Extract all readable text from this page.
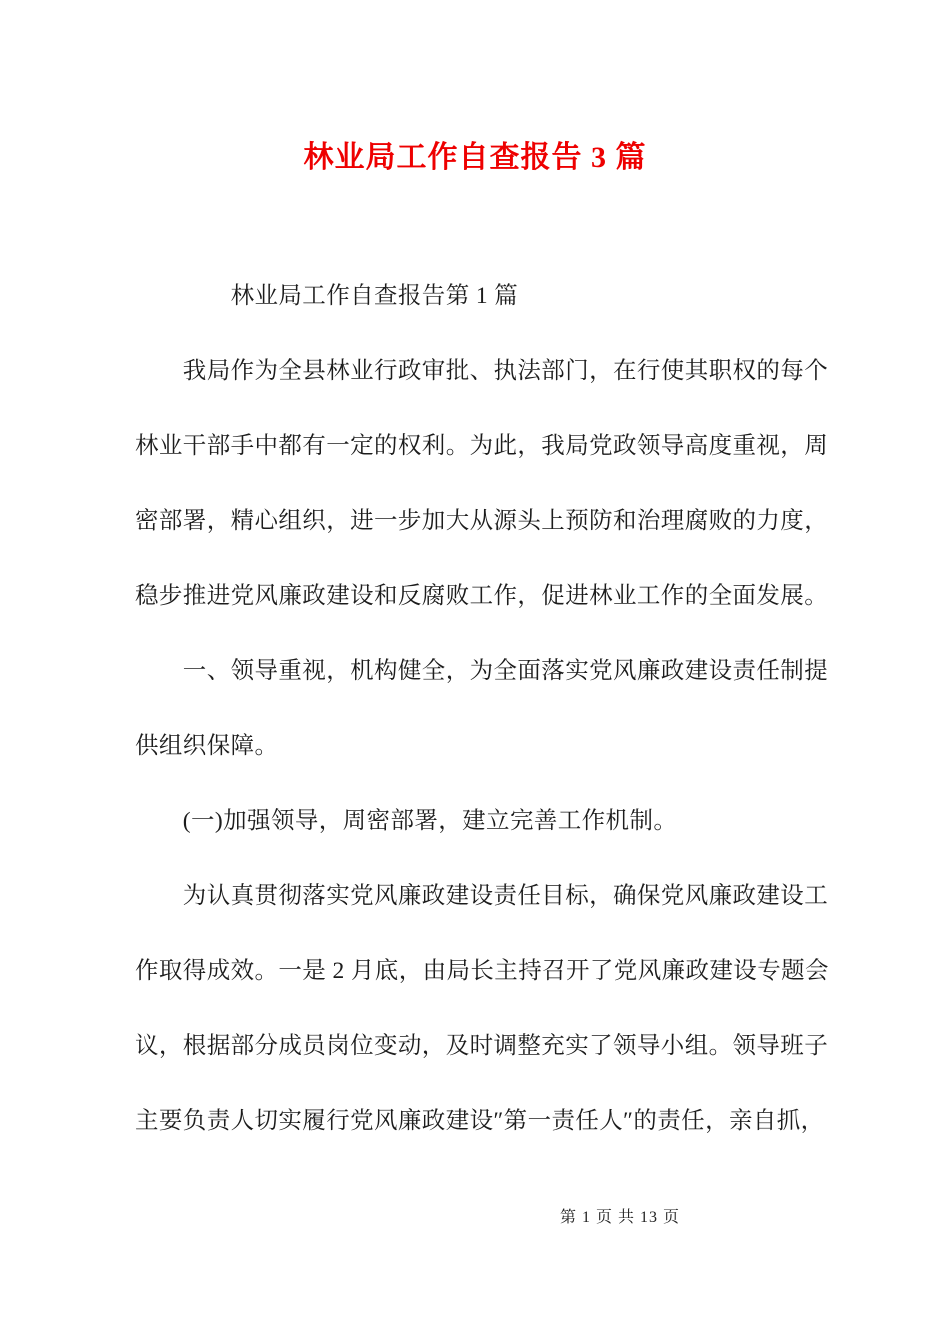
林业局工作自查报告 3 篇
　　　　林业局工作自查报告第 1 篇
　　我局作为全县林业行政审批、执法部门，在行使其职权的每个
林业干部手中都有一定的权利。为此，我局党政领导高度重视，周
密部署，精心组织，进一步加大从源头上预防和治理腐败的力度，
稳步推进党风廉政建设和反腐败工作，促进林业工作的全面发展。
　　一、领导重视，机构健全，为全面落实党风廉政建设责任制提
供组织保障。
　　(一)加强领导，周密部署，建立完善工作机制。
　　为认真贯彻落实党风廉政建设责任目标，确保党风廉政建设工
作取得成效。一是 2 月底，由局长主持召开了党风廉政建设专题会
议，根据部分成员岗位变动，及时调整充实了领导小组。领导班子
主要负责人切实履行党风廉政建设″第一责任人″的责任，亲自抓，
第 1 页 共 13 页
